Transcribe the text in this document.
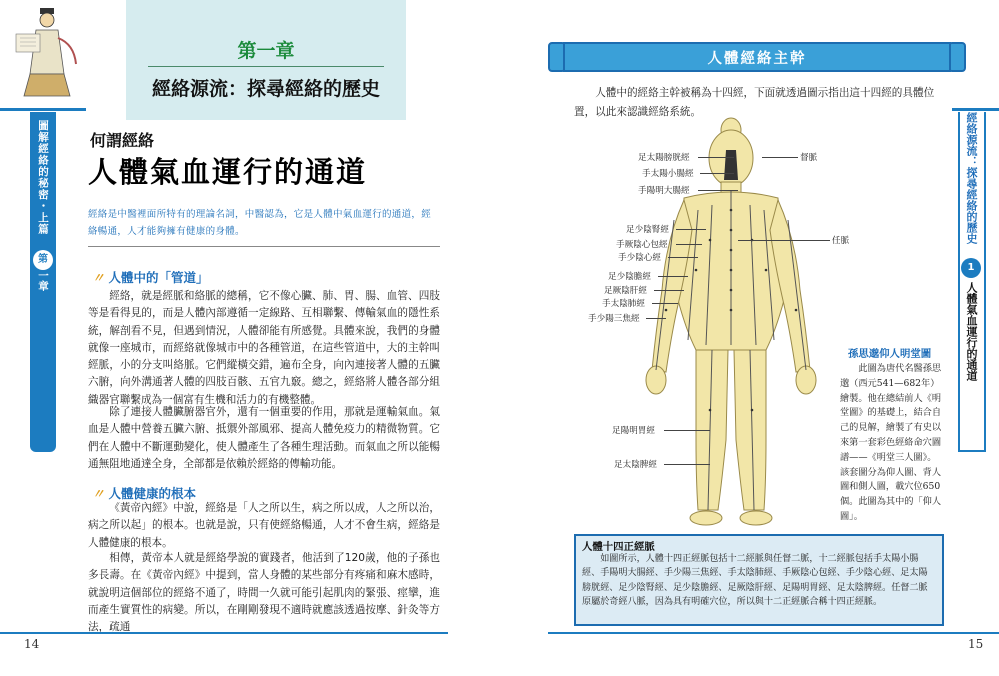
第一章
經絡源流：探尋經絡的歷史
圖解經絡的秘密・上篇
第
一章
何謂經絡
人體氣血運行的通道
經絡是中醫裡面所特有的理論名詞，中醫認為，它是人體中氣血運行的通道，經絡暢通，人才能夠擁有健康的身體。
〃 人體中的「管道」
經絡，就是經脈和絡脈的總稱，它不像心臟、肺、胃、腸、血管、四肢等是看得見的，而是人體內部遵循一定線路、互相聯繫、傳輸氣血的隱性系統，解剖看不見，但遇到情況，人體卻能有所感覺。具體來說，我們的身體就像一座城市，而經絡就像城市中的各種管道，在這些管道中，大的主幹叫經脈，小的分支叫絡脈。它們縱橫交錯，遍布全身，向內連接著人體的五臟六腑，向外溝通著人體的四肢百骸、五官九竅。總之，經絡將人體各部分組織器官聯繫成為一個富有生機和活力的有機整體。
除了連接人體臟腑器官外，還有一個重要的作用，那就是運輸氣血。氣血是人體中營養五臟六腑、抵禦外部風邪、提高人體免疫力的精微物質。它們在人體中不斷運動變化，使人體產生了各種生理活動。而氣血之所以能暢通無阻地通達全身，全部都是依賴於經絡的傳輸功能。
〃 人體健康的根本
《黃帝內經》中說，經絡是「人之所以生，病之所以成，人之所以治，病之所以起」的根本。也就是說，只有使經絡暢通，人才不會生病，經絡是人體健康的根本。
相傳，黃帝本人就是經絡學說的實踐者，他活到了120歲，他的子孫也多長壽。在《黃帝內經》中提到，當人身體的某些部分有疼痛和麻木感時，就說明這個部位的經絡不通了，時間一久就可能引起肌肉的緊張、痙攣，進而產生實質性的病變。所以，在剛剛發現不適時就應該透過按摩、針灸等方法，疏通
14
人體經絡主幹
人體中的經絡主幹被稱為十四經，下面就透過圖示指出這十四經的具體位置，以此來認識經絡系統。
足太陽膀胱經
手太陽小腸經
手陽明大腸經
足少陰腎經
手厥陰心包經
手少陰心經
足少陰膽經
足厥陰肝經
手太陰肺經
手少陽三焦經
足陽明胃經
足太陰脾經
督脈
任脈
孫思邈仰人明堂圖
此圖為唐代名醫孫思邈（西元541—682年）繪製。他在總結前人《明堂圖》的基礎上，結合自己的見解，繪製了有史以來第一套彩色經絡命穴圖譜——《明堂三人圖》。該套圖分為仰人圖、背人圖和側人圖，載穴位650個。此圖為其中的「仰人圖」。
人體十四正經脈
如圖所示，人體十四正經脈包括十二經脈與任督二脈，十二經脈包括手太陽小腸經、手陽明大腸經、手少陽三焦經、手太陰肺經、手厥陰心包經、手少陰心經、足太陽膀胱經、足少陰腎經、足少陰膽經、足厥陰肝經、足陽明胃經、足太陰脾經。任督二脈原屬於奇經八脈，因為具有明確穴位，所以與十二正經脈合稱十四正經脈。
經絡源流：探尋經絡的歷史
1
人體氣血運行的通道
15
